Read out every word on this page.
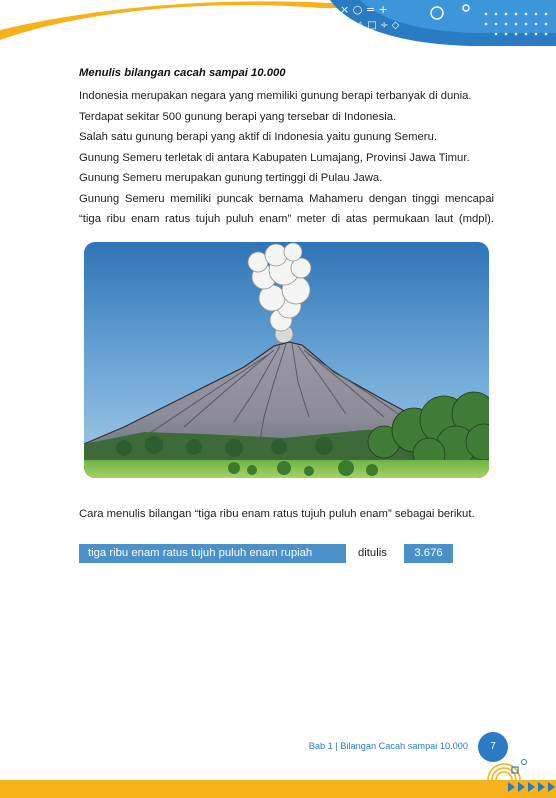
× ○ = +
÷ △ □ ÷ ◇
Menulis bilangan cacah sampai 10.000
Indonesia merupakan negara yang memiliki gunung berapi terbanyak di dunia.
Terdapat sekitar 500 gunung berapi yang tersebar di Indonesia.
Salah satu gunung berapi yang aktif di Indonesia yaitu gunung Semeru.
Gunung Semeru terletak di antara Kabupaten Lumajang, Provinsi Jawa Timur.
Gunung Semeru merupakan gunung tertinggi di Pulau Jawa.
Gunung Semeru memiliki puncak bernama Mahameru dengan tinggi mencapai
“tiga ribu enam ratus tujuh puluh enam” meter di atas permukaan laut (mdpl).
Cara menulis bilangan “tiga ribu enam ratus tujuh puluh enam” sebagai berikut.
tiga ribu enam ratus tujuh puluh enam rupiah	ditulis	3.676
Bab 1 | Bilangan Cacah sampai 10.000	7
